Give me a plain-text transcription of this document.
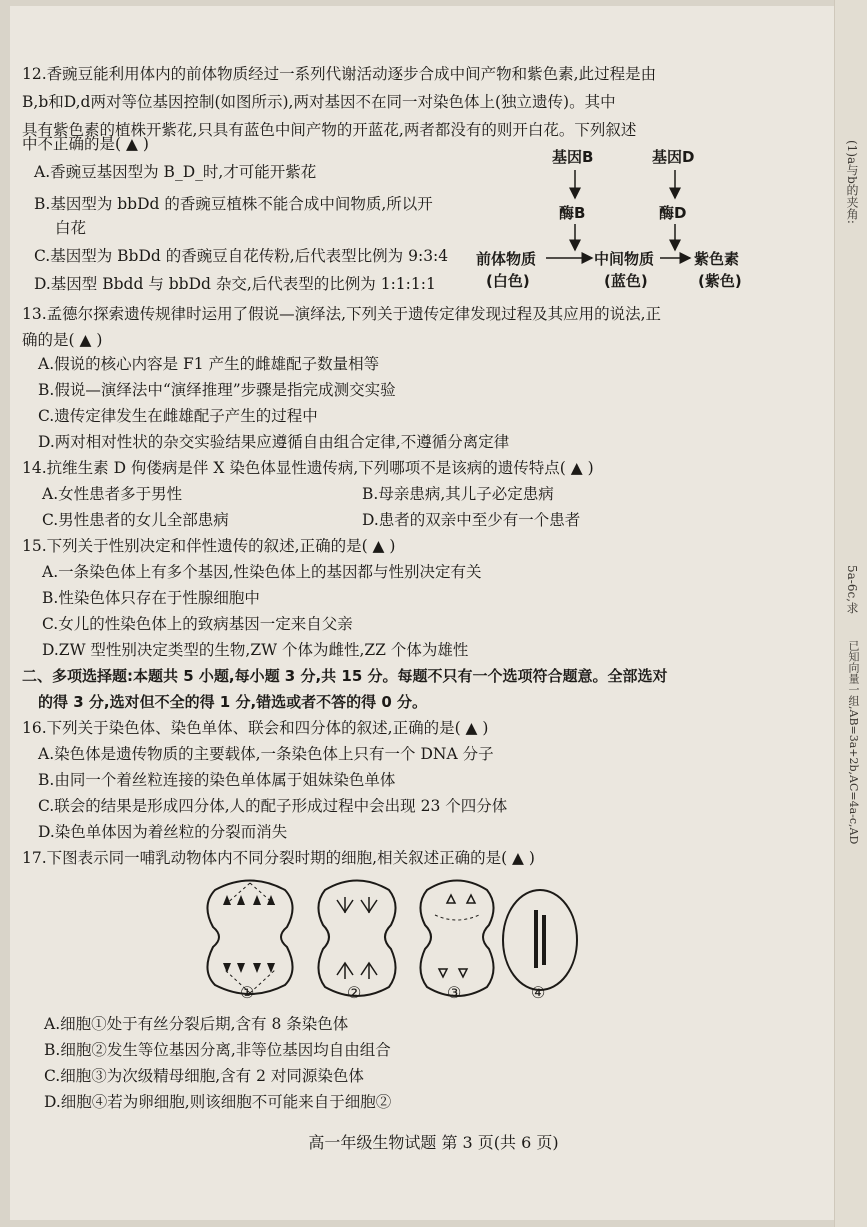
(1)a与b的夹角:
5a-6c,求
已知向量一组,AB=3a+2b,AC=4a-c,AD
12.香豌豆能利用体内的前体物质经过一系列代谢活动逐步合成中间产物和紫色素,此过程是由
B,b和D,d两对等位基因控制(如图所示),两对基因不在同一对染色体上(独立遗传)。其中
具有紫色素的植株开紫花,只具有蓝色中间产物的开蓝花,两者都没有的则开白花。下列叙述
中不正确的是( ▲ )
A.香豌豆基因型为 B_D_时,才可能开紫花
B.基因型为 bbDd 的香豌豆植株不能合成中间物质,所以开
白花
C.基因型为 BbDd 的香豌豆自花传粉,后代表型比例为 9:3:4
D.基因型 Bbdd 与 bbDd 杂交,后代表型的比例为 1:1:1:1
基因B	基因D
酶B	酶D
前体物质
(白色)
中间物质
(蓝色)
紫色素
(紫色)
13.孟德尔探索遗传规律时运用了假说—演绎法,下列关于遗传定律发现过程及其应用的说法,正
确的是( ▲ )
A.假说的核心内容是 F1 产生的雌雄配子数量相等
B.假说—演绎法中“演绎推理”步骤是指完成测交实验
C.遗传定律发生在雌雄配子产生的过程中
D.两对相对性状的杂交实验结果应遵循自由组合定律,不遵循分离定律
14.抗维生素 D 佝偻病是伴 X 染色体显性遗传病,下列哪项不是该病的遗传特点( ▲ )
A.女性患者多于男性	B.母亲患病,其儿子必定患病
C.男性患者的女儿全部患病	D.患者的双亲中至少有一个患者
15.下列关于性别决定和伴性遗传的叙述,正确的是( ▲ )
A.一条染色体上有多个基因,性染色体上的基因都与性别决定有关
B.性染色体只存在于性腺细胞中
C.女儿的性染色体上的致病基因一定来自父亲
D.ZW 型性别决定类型的生物,ZW 个体为雌性,ZZ 个体为雄性
二、多项选择题:本题共 5 小题,每小题 3 分,共 15 分。每题不只有一个选项符合题意。全部选对
的得 3 分,选对但不全的得 1 分,错选或者不答的得 0 分。
16.下列关于染色体、染色单体、联会和四分体的叙述,正确的是( ▲ )
A.染色体是遗传物质的主要载体,一条染色体上只有一个 DNA 分子
B.由同一个着丝粒连接的染色单体属于姐妹染色单体
C.联会的结果是形成四分体,人的配子形成过程中会出现 23 个四分体
D.染色单体因为着丝粒的分裂而消失
17.下图表示同一哺乳动物体内不同分裂时期的细胞,相关叙述正确的是( ▲ )
①	②	③	④
A.细胞①处于有丝分裂后期,含有 8 条染色体
B.细胞②发生等位基因分离,非等位基因均自由组合
C.细胞③为次级精母细胞,含有 2 对同源染色体
D.细胞④若为卵细胞,则该细胞不可能来自于细胞②
高一年级生物试题 第 3 页(共 6 页)
